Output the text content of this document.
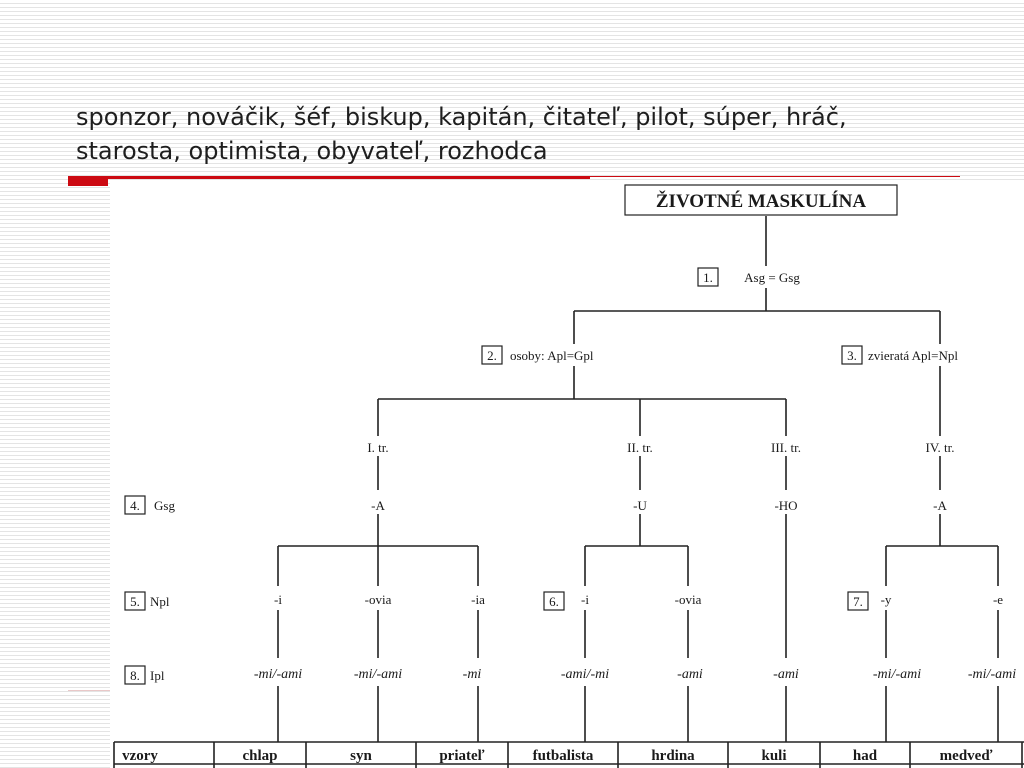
sponzor, nováčik, šéf, biskup, kapitán, čitateľ, pilot, súper, hráč,
starosta, optimista, obyvateľ, rozhodca
ŽIVOTNÉ MASKULÍNA
1. Asg = Gsg
2. osoby: Apl=Gpl	3. zvieratá Apl=Npl
I. tr.	II. tr.	III. tr.	IV. tr.
4. Gsg	-A	-U	-HO	-A
5. Npl	6.	7.
-i	-ovia	-ia	-i	-ovia	-y	-e
8. Ipl	-mi/-ami	-mi/-ami	-mi	-ami/-mi	-ami	-ami	-mi/-ami	-mi/-ami
vzory	chlap	syn	priateľ	futbalista	hrdina	kuli	had	medveď
